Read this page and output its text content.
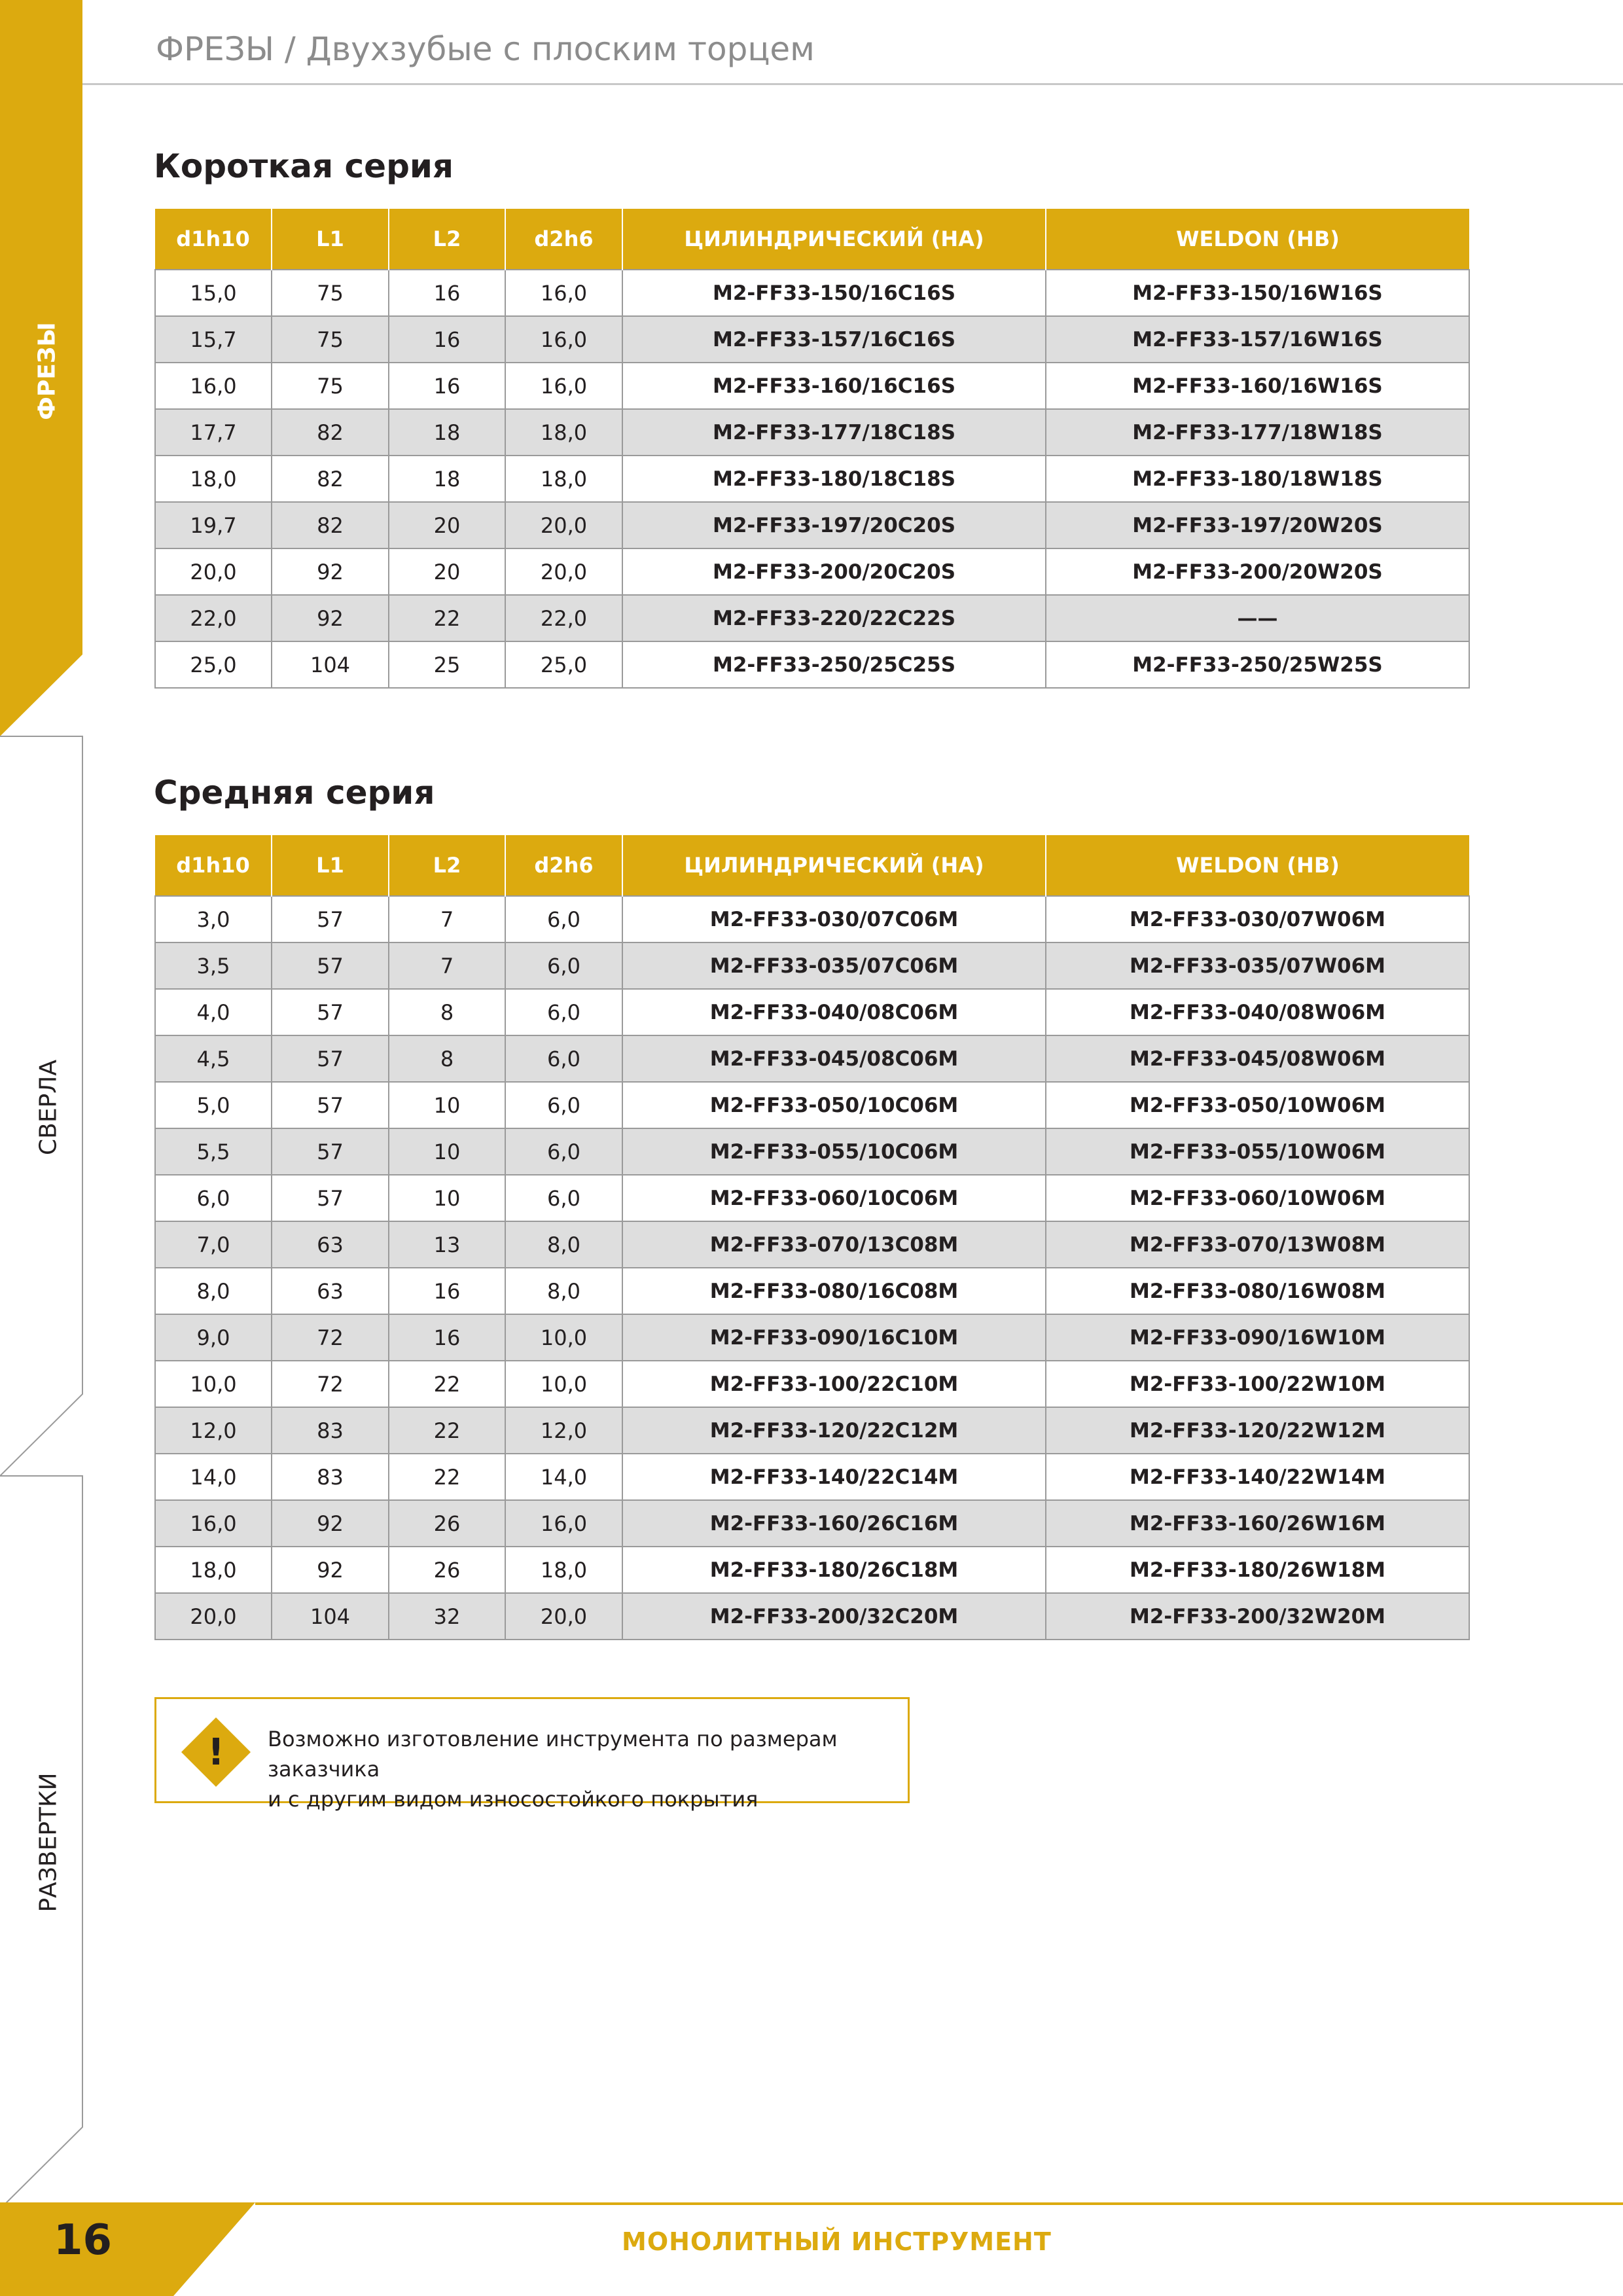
ФРЕЗЫ / Двухзубые с плоским торцем
ФРЕЗЫ
СВЕРЛА
РАЗВЕРТКИ
Короткая серия
d1h10	L1	L2	d2h6	ЦИЛИНДРИЧЕСКИЙ (HA)	WELDON (HB)
15,0	75	16	16,0	M2-FF33-150/16C16S	M2-FF33-150/16W16S
15,7	75	16	16,0	M2-FF33-157/16C16S	M2-FF33-157/16W16S
16,0	75	16	16,0	M2-FF33-160/16C16S	M2-FF33-160/16W16S
17,7	82	18	18,0	M2-FF33-177/18C18S	M2-FF33-177/18W18S
18,0	82	18	18,0	M2-FF33-180/18C18S	M2-FF33-180/18W18S
19,7	82	20	20,0	M2-FF33-197/20C20S	M2-FF33-197/20W20S
20,0	92	20	20,0	M2-FF33-200/20C20S	M2-FF33-200/20W20S
22,0	92	22	22,0	M2-FF33-220/22C22S	——
25,0	104	25	25,0	M2-FF33-250/25C25S	M2-FF33-250/25W25S
Средняя серия
d1h10	L1	L2	d2h6	ЦИЛИНДРИЧЕСКИЙ (HA)	WELDON (HB)
3,0	57	7	6,0	M2-FF33-030/07C06M	M2-FF33-030/07W06M
3,5	57	7	6,0	M2-FF33-035/07C06M	M2-FF33-035/07W06M
4,0	57	8	6,0	M2-FF33-040/08C06M	M2-FF33-040/08W06M
4,5	57	8	6,0	M2-FF33-045/08C06M	M2-FF33-045/08W06M
5,0	57	10	6,0	M2-FF33-050/10C06M	M2-FF33-050/10W06M
5,5	57	10	6,0	M2-FF33-055/10C06M	M2-FF33-055/10W06M
6,0	57	10	6,0	M2-FF33-060/10C06M	M2-FF33-060/10W06M
7,0	63	13	8,0	M2-FF33-070/13C08M	M2-FF33-070/13W08M
8,0	63	16	8,0	M2-FF33-080/16C08M	M2-FF33-080/16W08M
9,0	72	16	10,0	M2-FF33-090/16C10M	M2-FF33-090/16W10M
10,0	72	22	10,0	M2-FF33-100/22C10M	M2-FF33-100/22W10M
12,0	83	22	12,0	M2-FF33-120/22C12M	M2-FF33-120/22W12M
14,0	83	22	14,0	M2-FF33-140/22C14M	M2-FF33-140/22W14M
16,0	92	26	16,0	M2-FF33-160/26C16M	M2-FF33-160/26W16M
18,0	92	26	18,0	M2-FF33-180/26C18M	M2-FF33-180/26W18M
20,0	104	32	20,0	M2-FF33-200/32C20M	M2-FF33-200/32W20M
! Возможно изготовление инструмента по размерам заказчика
и с другим видом износостойкого покрытия
16	МОНОЛИТНЫЙ ИНСТРУМЕНТ
